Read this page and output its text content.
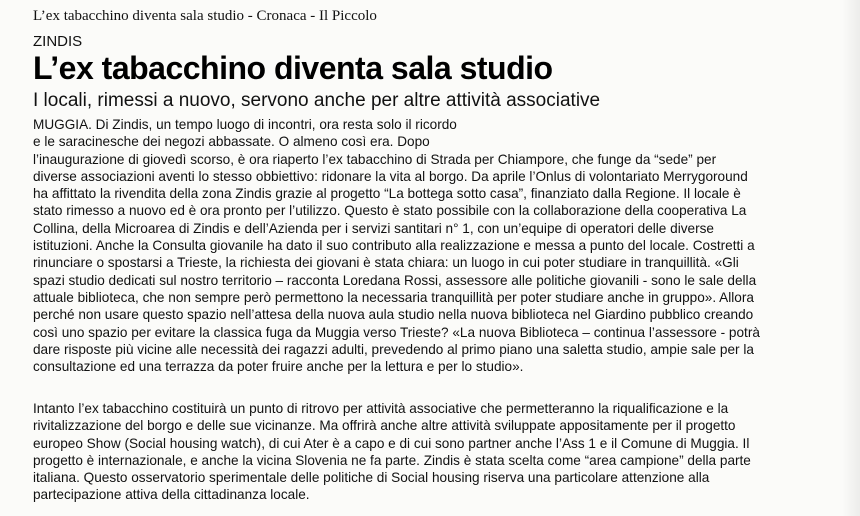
L’ex tabacchino diventa sala studio - Cronaca - Il Piccolo
ZINDIS
L’ex tabacchino diventa sala studio
I locali, rimessi a nuovo, servono anche per altre attività associative
MUGGIA. Di Zindis, un tempo luogo di incontri, ora resta solo il ricordo
e le saracinesche dei negozi abbassate. O almeno così era. Dopo
l’inaugurazione di giovedì scorso, è ora riaperto l’ex tabacchino di Strada per Chiampore, che funge da “sede” per
diverse associazioni aventi lo stesso obbiettivo: ridonare la vita al borgo. Da aprile l’Onlus di volontariato Merrygoround
ha affittato la rivendita della zona Zindis grazie al progetto “La bottega sotto casa”, finanziato dalla Regione. Il locale è
stato rimesso a nuovo ed è ora pronto per l’utilizzo. Questo è stato possibile con la collaborazione della cooperativa La
Collina, della Microarea di Zindis e dell’Azienda per i servizi santitari n° 1, con un’equipe di operatori delle diverse
istituzioni. Anche la Consulta giovanile ha dato il suo contributo alla realizzazione e messa a punto del locale. Costretti a
rinunciare o spostarsi a Trieste, la richiesta dei giovani è stata chiara: un luogo in cui poter studiare in tranquillità. «Gli
spazi studio dedicati sul nostro territorio – racconta Loredana Rossi, assessore alle politiche giovanili - sono le sale della
attuale biblioteca, che non sempre però permettono la necessaria tranquillità per poter studiare anche in gruppo». Allora
perché non usare questo spazio nell’attesa della nuova aula studio nella nuova biblioteca nel Giardino pubblico creando
così uno spazio per evitare la classica fuga da Muggia verso Trieste? «La nuova Biblioteca – continua l’assessore - potrà
dare risposte più vicine alle necessità dei ragazzi adulti, prevedendo al primo piano una saletta studio, ampie sale per la
consultazione ed una terrazza da poter fruire anche per la lettura e per lo studio».
Intanto l’ex tabacchino costituirà un punto di ritrovo per attività associative che permetteranno la riqualificazione e la
rivitalizzazione del borgo e delle sue vicinanze. Ma offrirà anche altre attività sviluppate appositamente per il progetto
europeo Show (Social housing watch), di cui Ater è a capo e di cui sono partner anche l’Ass 1 e il Comune di Muggia. Il
progetto è internazionale, e anche la vicina Slovenia ne fa parte. Zindis è stata scelta come “area campione” della parte
italiana. Questo osservatorio sperimentale delle politiche di Social housing riserva una particolare attenzione alla
partecipazione attiva della cittadinanza locale.
